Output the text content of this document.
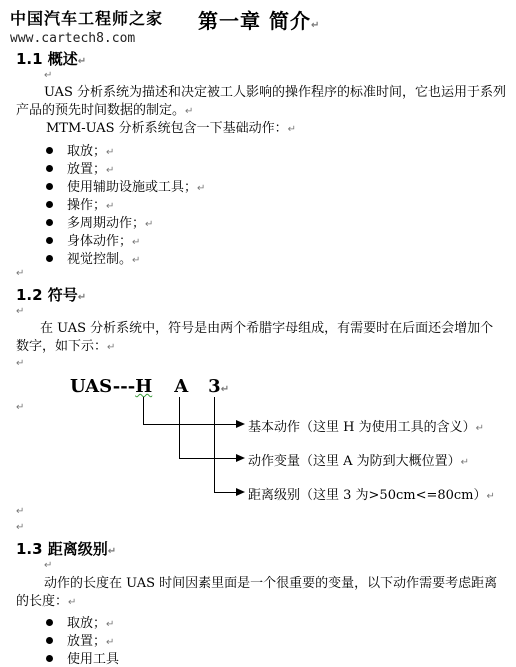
中国汽车工程师之家
www.cartech8.com
第一章 简介↵
1.1 概述↵
↵
UAS 分析系统为描述和决定被工人影响的操作程序的标准时间，它也运用于系列产品的预先时间数据的制定。↵
MTM-UAS 分析系统包含一下基础动作：↵
取放；↵
放置；↵
使用辅助设施或工具；↵
操作；↵
多周期动作；↵
身体动作；↵
视觉控制。↵
↵
1.2 符号↵
↵
在 UAS 分析系统中，符号是由两个希腊字母组成，有需要时在后面还会增加个数字，如下示：↵
↵
UAS---H A 3↵
↵
基本动作（这里 H 为使用工具的含义）↵
动作变量（这里 A 为防到大概位置）↵
距离级别（这里 3 为>50cm<=80cm）↵
↵
↵
1.3 距离级别↵
↵
动作的长度在 UAS 时间因素里面是一个很重要的变量，以下动作需要考虑距离的长度：↵
取放；↵
放置；↵
使用工具
